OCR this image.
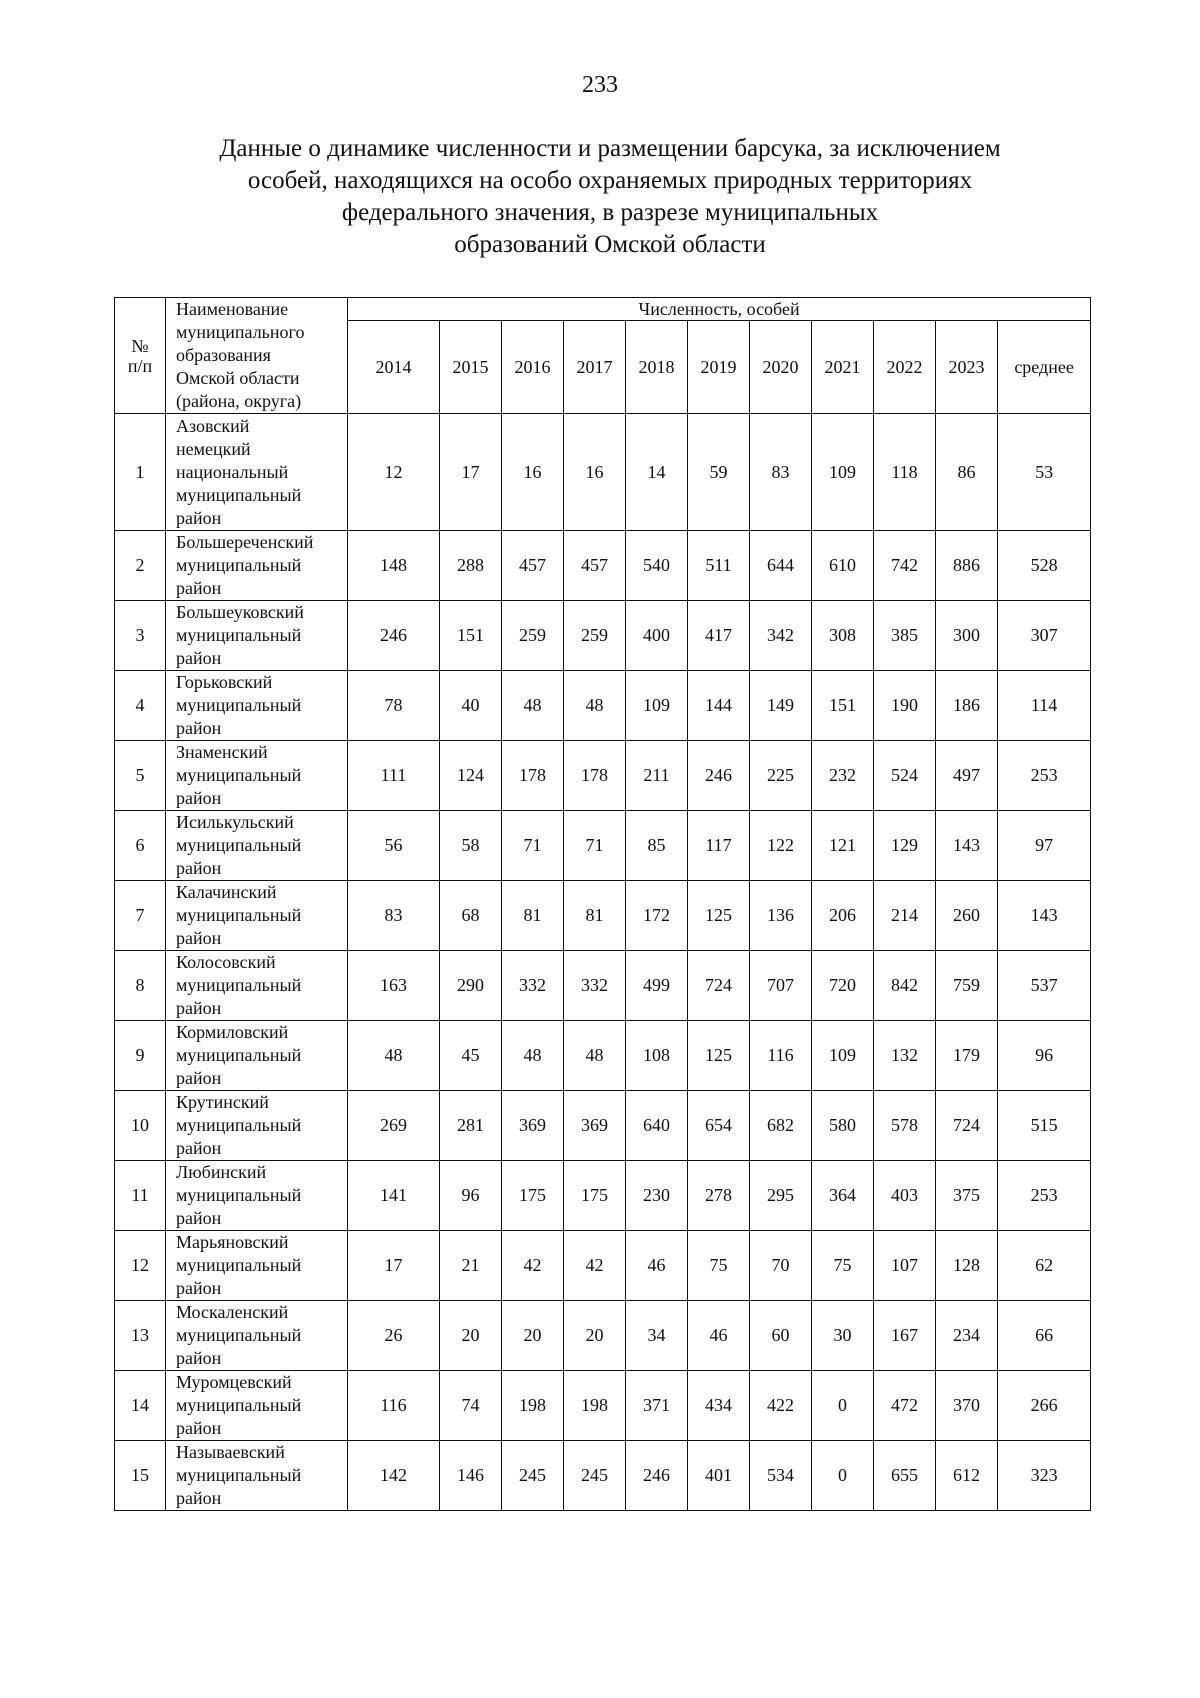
233
Данные о динамике численности и размещении барсука, за исключением
особей, находящихся на особо охраняемых природных территориях
федерального значения, в разрезе муниципальных
образований Омской области
№
п/п	Наименование
муниципального
образования
Омской области
(района, округа)	Численность, особей										
		2014	2015	2016	2017	2018	2019	2020	2021	2022	2023	среднее
1	Азовский
немецкий
национальный
муниципальный
район	12	17	16	16	14	59	83	109	118	86	53
2	Большереченский
муниципальный
район	148	288	457	457	540	511	644	610	742	886	528
3	Большеуковский
муниципальный
район	246	151	259	259	400	417	342	308	385	300	307
4	Горьковский
муниципальный
район	78	40	48	48	109	144	149	151	190	186	114
5	Знаменский
муниципальный
район	111	124	178	178	211	246	225	232	524	497	253
6	Исилькульский
муниципальный
район	56	58	71	71	85	117	122	121	129	143	97
7	Калачинский
муниципальный
район	83	68	81	81	172	125	136	206	214	260	143
8	Колосовский
муниципальный
район	163	290	332	332	499	724	707	720	842	759	537
9	Кормиловский
муниципальный
район	48	45	48	48	108	125	116	109	132	179	96
10	Крутинский
муниципальный
район	269	281	369	369	640	654	682	580	578	724	515
11	Любинский
муниципальный
район	141	96	175	175	230	278	295	364	403	375	253
12	Марьяновский
муниципальный
район	17	21	42	42	46	75	70	75	107	128	62
13	Москаленский
муниципальный
район	26	20	20	20	34	46	60	30	167	234	66
14	Муромцевский
муниципальный
район	116	74	198	198	371	434	422	0	472	370	266
15	Называевский
муниципальный
район	142	146	245	245	246	401	534	0	655	612	323
